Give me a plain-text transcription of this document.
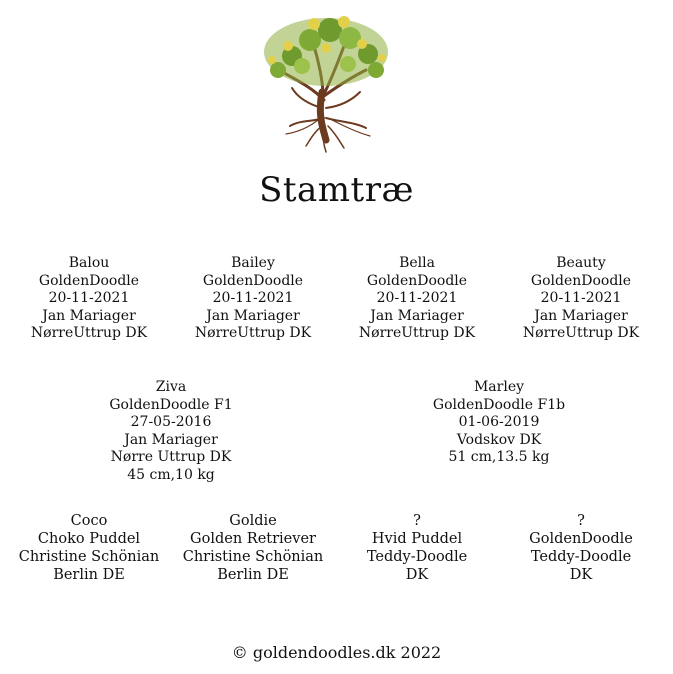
Stamtræ
Balou
GoldenDoodle
20-11-2021
Jan Mariager
NørreUttrup DK
Bailey
GoldenDoodle
20-11-2021
Jan Mariager
NørreUttrup DK
Bella
GoldenDoodle
20-11-2021
Jan Mariager
NørreUttrup DK
Beauty
GoldenDoodle
20-11-2021
Jan Mariager
NørreUttrup DK
Ziva
GoldenDoodle F1
27-05-2016
Jan Mariager
Nørre Uttrup DK
45 cm,10 kg
Marley
GoldenDoodle F1b
01-06-2019
Vodskov DK
51 cm,13.5 kg
Coco
Choko Puddel
Christine Schönian
Berlin DE
Goldie
Golden Retriever
Christine Schönian
Berlin DE
?
Hvid Puddel
Teddy-Doodle
DK
?
GoldenDoodle
Teddy-Doodle
DK
© goldendoodles.dk 2022
